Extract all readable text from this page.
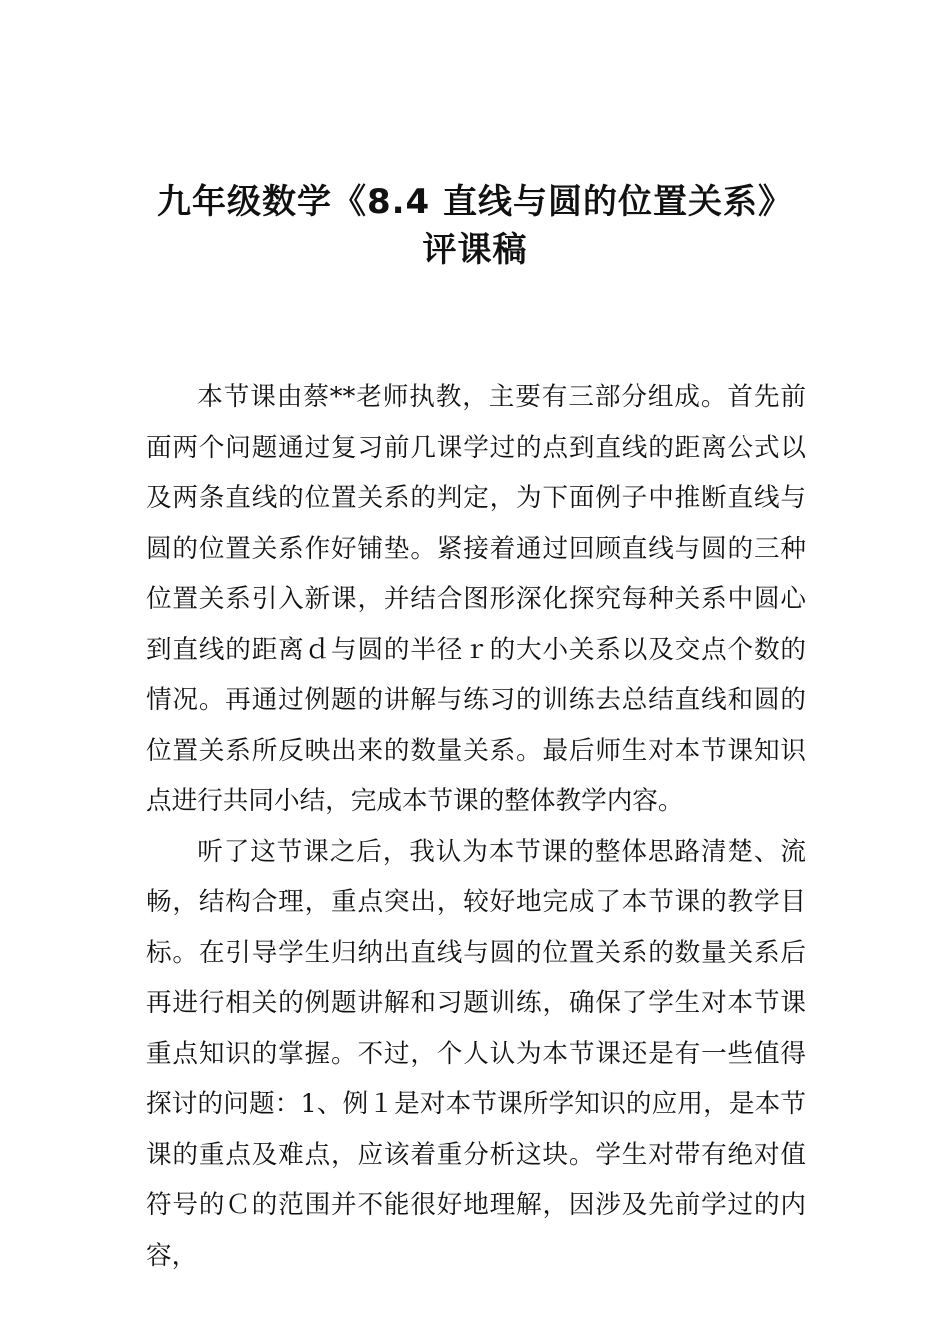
九年级数学《8.4 直线与圆的位置关系》
评课稿

本节课由蔡**老师执教，主要有三部分组成。首先前面两个问题通过复习前几课学过的点到直线的距离公式以及两条直线的位置关系的判定，为下面例子中推断直线与圆的位置关系作好铺垫。紧接着通过回顾直线与圆的三种位置关系引入新课，并结合图形深化探究每种关系中圆心到直线的距离ｄ与圆的半径ｒ的大小关系以及交点个数的情况。再通过例题的讲解与练习的训练去总结直线和圆的位置关系所反映出来的数量关系。最后师生对本节课知识点进行共同小结，完成本节课的整体教学内容。

听了这节课之后，我认为本节课的整体思路清楚、流畅，结构合理，重点突出，较好地完成了本节课的教学目标。在引导学生归纳出直线与圆的位置关系的数量关系后再进行相关的例题讲解和习题训练，确保了学生对本节课重点知识的掌握。不过，个人认为本节课还是有一些值得探讨的问题：1、例１是对本节课所学知识的应用，是本节课的重点及难点，应该着重分析这块。学生对带有绝对值符号的Ｃ的范围并不能很好地理解，因涉及先前学过的内容，
